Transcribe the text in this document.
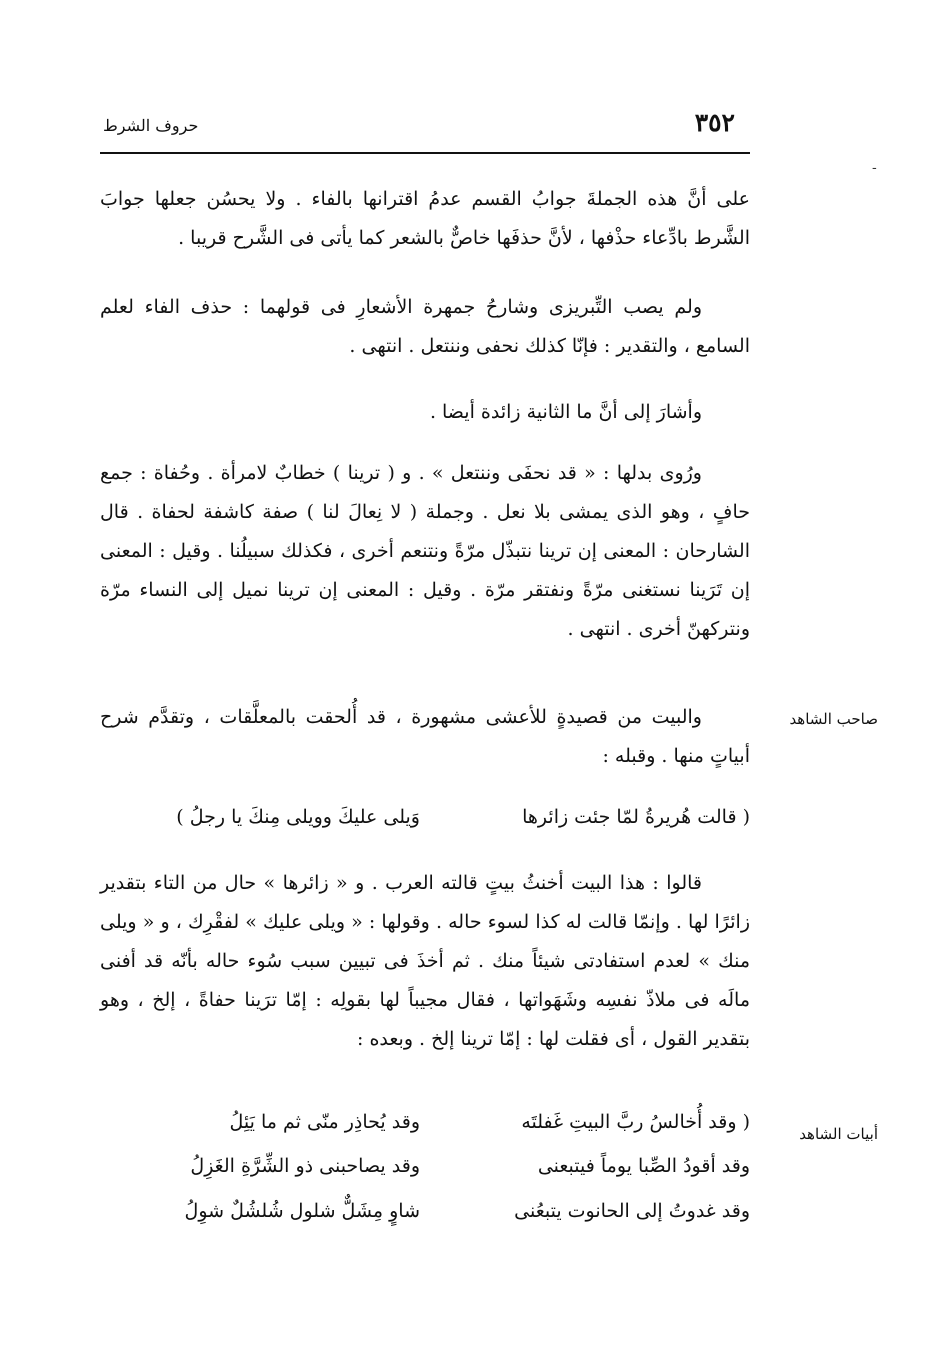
٣٥٢
حروف الشرط
-

على أنَّ هذه الجملةَ جوابُ القسم عدمُ اقترانها بالفاء . ولا يحسُن جعلها جوابَ الشَّرط بادِّعاء حذْفها ، لأنَّ حذفَها خاصٌّ بالشعر كما يأتى فى الشَّرح قريبا .

ولم يصب التِّبريزى وشارحُ جمهرة الأشعارِ فى قولهما : حذف الفاء لعلم السامع ، والتقدير : فإنّا كذلك نحفى وننتعل . انتهى .

وأشارَ إلى أنَّ ما الثانية زائدة أيضا .

ورُوى بدلها : « قد نحفَى وننتعل » . و ( ترينا ) خطابٌ لامرأة . وحُفاة : جمع حافٍ ، وهو الذى يمشى بلا نعل . وجملة ( لا نِعالَ لنا ) صفة كاشفة لحفاة . قال الشارحان : المعنى إن ترينا نتبذّل مرّةً ونتنعم أخرى ، فكذلك سبيلُنا . وقيل : المعنى إن تَرَينا نستغنى مرّةً ونفتقر مرّة . وقيل : المعنى إن ترينا نميل إلى النساء مرّة ونتركهنّ أخرى . انتهى .

صاحب الشاهد

والبيت من قصيدةٍ للأعشى مشهورة ، قد أُلحقت بالمعلَّقات ، وتقدَّم شرح أبياتٍ منها . وقبله :

( قالت هُريرةُ لمّا جئت زائرها
وَيلى عليكَ وويلى مِنكَ يا رجلُ )

قالوا : هذا البيت أخنثُ بيتٍ قالته العرب . و « زائرها » حال من التاء بتقدير زائرًا لها . وإنمّا قالت له كذا لسوء حاله . وقولها : « ويلى عليك » لفقْرِك ، و « ويلى منك » لعدم استفادتى شيئاً منك . ثم أخذَ فى تبيين سبب سُوء حاله بأنّه قد أفنى مالَه فى ملاذّ نفسِه وشَهَواتها ، فقال مجيباً لها بقولِه : إمّا ترَينا حفاةً ، إلخ ، وهو بتقدير القول ، أى فقلت لها : إمّا ترينا إلخ . وبعده :

أبيات الشاهد
( وقد أُخالسُ ربَّ البيتِ غَفلتَه
وقد يُحاذِر منّى ثم ما يَئِلُ
وقد أقودُ الصِّبا يوماً فيتبعنى
وقد يصاحبنى ذو الشِّرَّةِ الغَزِلُ
وقد غدوتُ إلى الحانوت يتبعُنى
شاوٍ مِشَلٌّ شلول شُلشُلٌ شوِلُ
